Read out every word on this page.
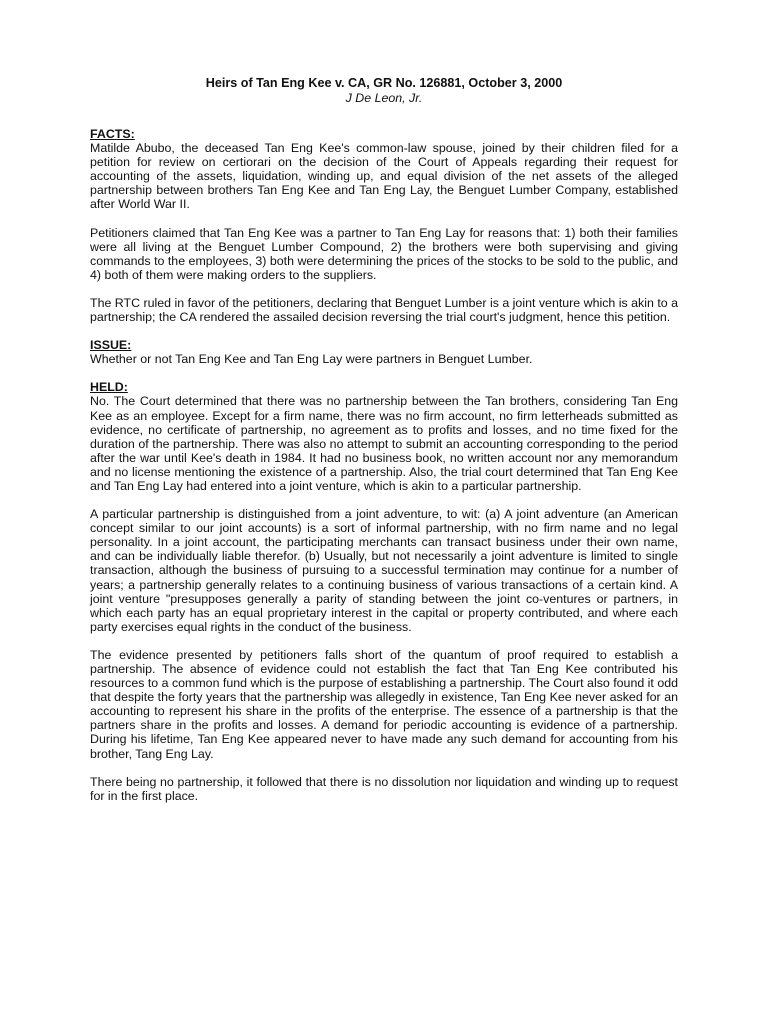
Heirs of Tan Eng Kee v. CA, GR No. 126881, October 3, 2000
J De Leon, Jr.

FACTS:

Matilde Abubo, the deceased Tan Eng Kee's common-law spouse, joined by their children filed for a petition for review on certiorari on the decision of the Court of Appeals regarding their request for accounting of the assets, liquidation, winding up, and equal division of the net assets of the alleged partnership between brothers Tan Eng Kee and Tan Eng Lay, the Benguet Lumber Company, established after World War II.

Petitioners claimed that Tan Eng Kee was a partner to Tan Eng Lay for reasons that: 1) both their families were all living at the Benguet Lumber Compound, 2) the brothers were both supervising and giving commands to the employees, 3) both were determining the prices of the stocks to be sold to the public, and 4) both of them were making orders to the suppliers.

The RTC ruled in favor of the petitioners, declaring that Benguet Lumber is a joint venture which is akin to a partnership; the CA rendered the assailed decision reversing the trial court's judgment, hence this petition.

ISSUE:

Whether or not Tan Eng Kee and Tan Eng Lay were partners in Benguet Lumber.

HELD:

No. The Court determined that there was no partnership between the Tan brothers, considering Tan Eng Kee as an employee. Except for a firm name, there was no firm account, no firm letterheads submitted as evidence, no certificate of partnership, no agreement as to profits and losses, and no time fixed for the duration of the partnership. There was also no attempt to submit an accounting corresponding to the period after the war until Kee's death in 1984. It had no business book, no written account nor any memorandum and no license mentioning the existence of a partnership. Also, the trial court determined that Tan Eng Kee and Tan Eng Lay had entered into a joint venture, which is akin to a particular partnership.

A particular partnership is distinguished from a joint adventure, to wit: (a) A joint adventure (an American concept similar to our joint accounts) is a sort of informal partnership, with no firm name and no legal personality. In a joint account, the participating merchants can transact business under their own name, and can be individually liable therefor. (b) Usually, but not necessarily a joint adventure is limited to single transaction, although the business of pursuing to a successful termination may continue for a number of years; a partnership generally relates to a continuing business of various transactions of a certain kind. A joint venture "presupposes generally a parity of standing between the joint co-ventures or partners, in which each party has an equal proprietary interest in the capital or property contributed, and where each party exercises equal rights in the conduct of the business.

The evidence presented by petitioners falls short of the quantum of proof required to establish a partnership. The absence of evidence could not establish the fact that Tan Eng Kee contributed his resources to a common fund which is the purpose of establishing a partnership. The Court also found it odd that despite the forty years that the partnership was allegedly in existence, Tan Eng Kee never asked for an accounting to represent his share in the profits of the enterprise. The essence of a partnership is that the partners share in the profits and losses. A demand for periodic accounting is evidence of a partnership. During his lifetime, Tan Eng Kee appeared never to have made any such demand for accounting from his brother, Tang Eng Lay.

There being no partnership, it followed that there is no dissolution nor liquidation and winding up to request for in the first place.
